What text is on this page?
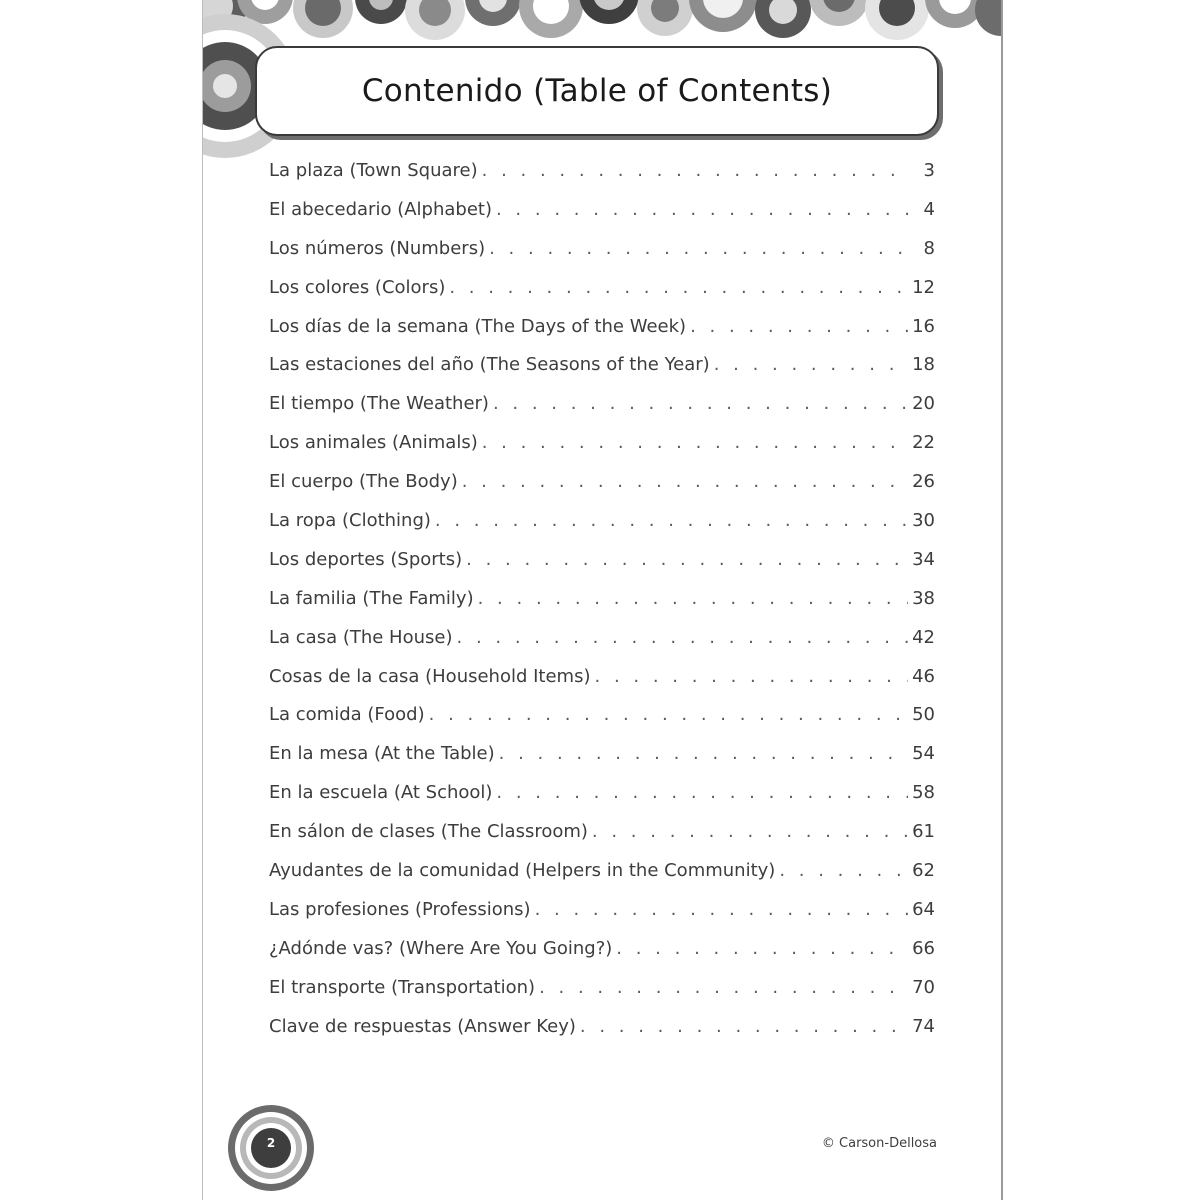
Contenido (Table of Contents)
La plaza (Town Square) . . .	3
El abecedario (Alphabet) . . .	4
Los números (Numbers) . . .	8
Los colores (Colors) . . .	12
Los días de la semana (The Days of the Week) . . .	16
Las estaciones del año (The Seasons of the Year) . . .	18
El tiempo (The Weather) . . .	20
Los animales (Animals) . . .	22
El cuerpo (The Body) . . .	26
La ropa (Clothing) . . .	30
Los deportes (Sports) . . .	34
La familia (The Family) . . .	38
La casa (The House) . . .	42
Cosas de la casa (Household Items) . . .	46
La comida (Food) . . .	50
En la mesa (At the Table) . . .	54
En la escuela (At School) . . .	58
En sálon de clases (The Classroom) . . .	61
Ayudantes de la comunidad (Helpers in the Community) . . .	62
Las profesiones (Professions) . . .	64
¿Adónde vas? (Where Are You Going?) . . .	66
El transporte (Transportation) . . .	70
Clave de respuestas (Answer Key) . . .	74
2	© Carson-Dellosa
